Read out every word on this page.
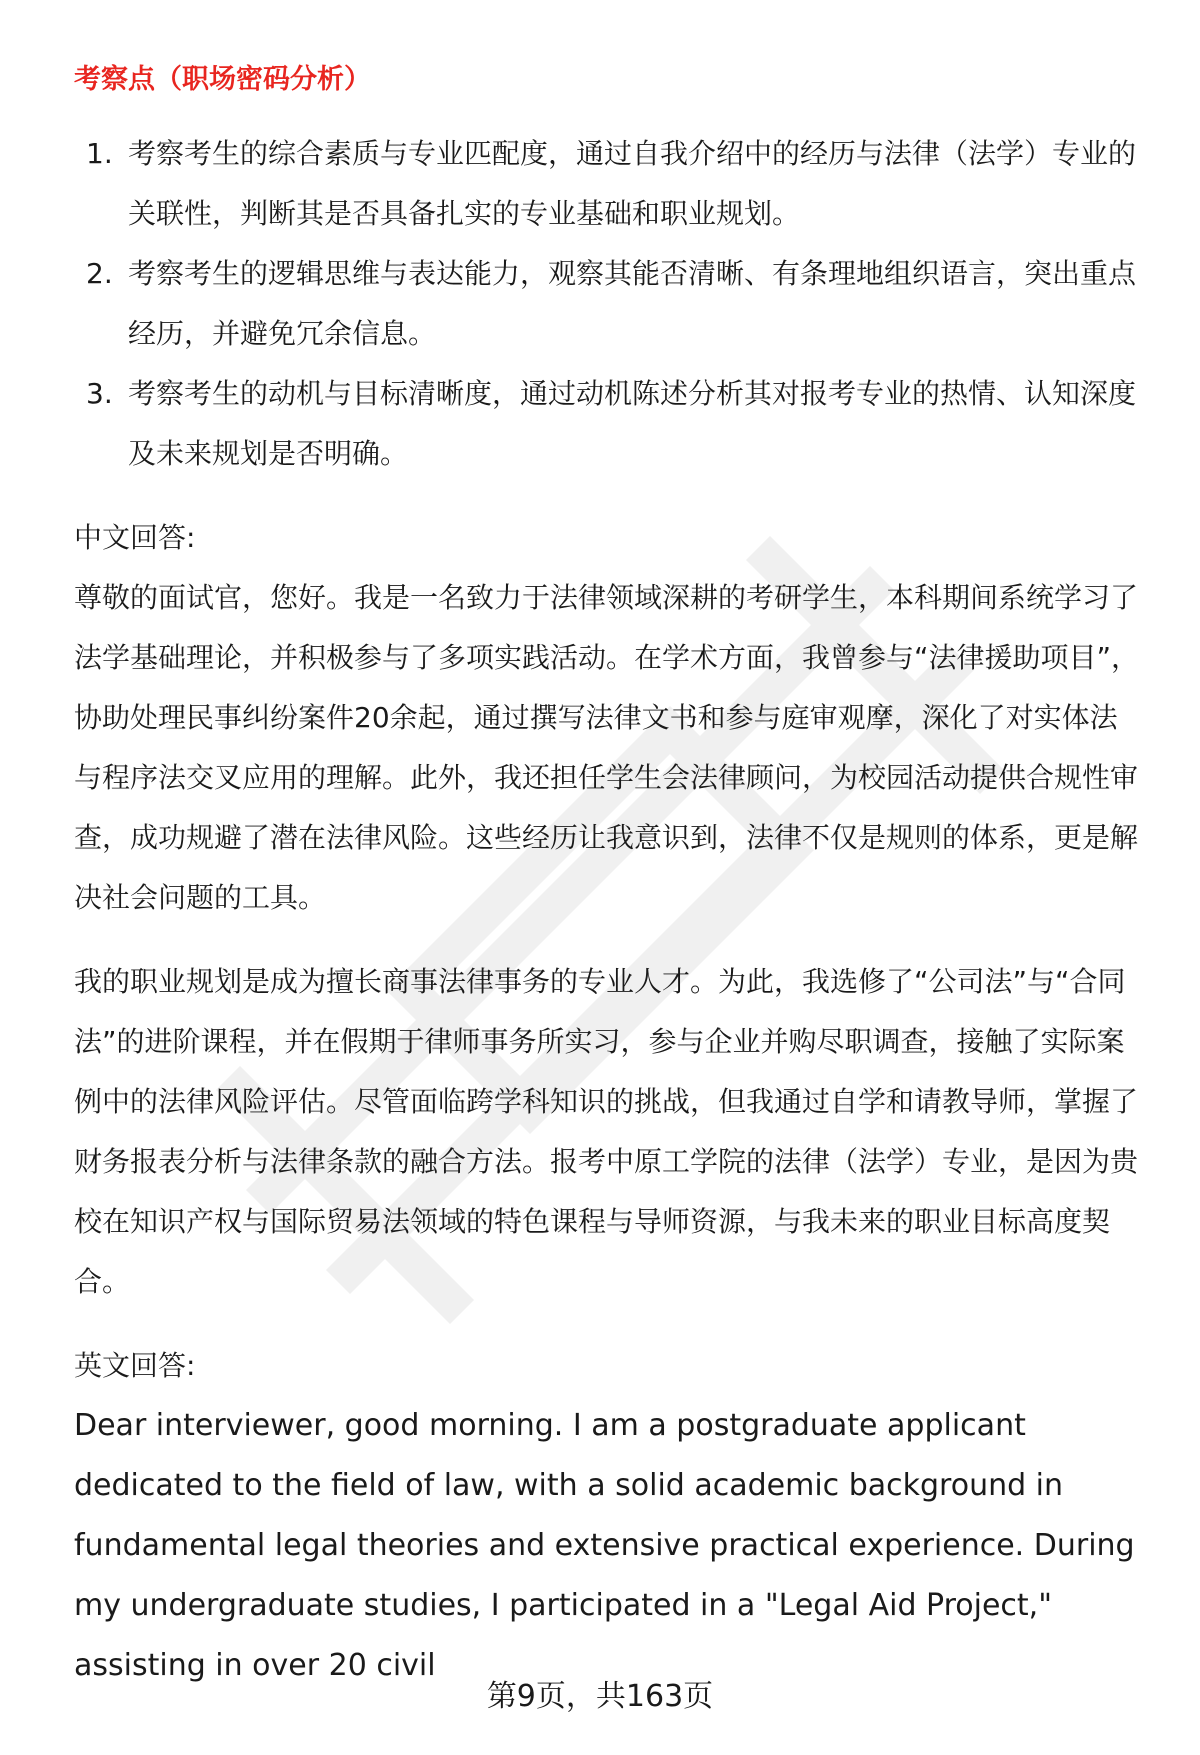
考察点（职场密码分析）
1. 考察考生的综合素质与专业匹配度，通过自我介绍中的经历与法律（法学）专业的关联性，判断其是否具备扎实的专业基础和职业规划。
2. 考察考生的逻辑思维与表达能力，观察其能否清晰、有条理地组织语言，突出重点经历，并避免冗余信息。
3. 考察考生的动机与目标清晰度，通过动机陈述分析其对报考专业的热情、认知深度及未来规划是否明确。

中文回答:

尊敬的面试官，您好。我是一名致力于法律领域深耕的考研学生，本科期间系统学习了法学基础理论，并积极参与了多项实践活动。在学术方面，我曾参与“法律援助项目”，协助处理民事纠纷案件20余起，通过撰写法律文书和参与庭审观摩，深化了对实体法与程序法交叉应用的理解。此外，我还担任学生会法律顾问，为校园活动提供合规性审查，成功规避了潜在法律风险。这些经历让我意识到，法律不仅是规则的体系，更是解决社会问题的工具。

我的职业规划是成为擅长商事法律事务的专业人才。为此，我选修了“公司法”与“合同法”的进阶课程，并在假期于律师事务所实习，参与企业并购尽职调查，接触了实际案例中的法律风险评估。尽管面临跨学科知识的挑战，但我通过自学和请教导师，掌握了财务报表分析与法律条款的融合方法。报考中原工学院的法律（法学）专业，是因为贵校在知识产权与国际贸易法领域的特色课程与导师资源，与我未来的职业目标高度契合。

英文回答:

Dear interviewer, good morning. I am a postgraduate applicant dedicated to the field of law, with a solid academic background in fundamental legal theories and extensive practical experience. During my undergraduate studies, I participated in a "Legal Aid Project," assisting in over 20 civil

第9页，共163页
